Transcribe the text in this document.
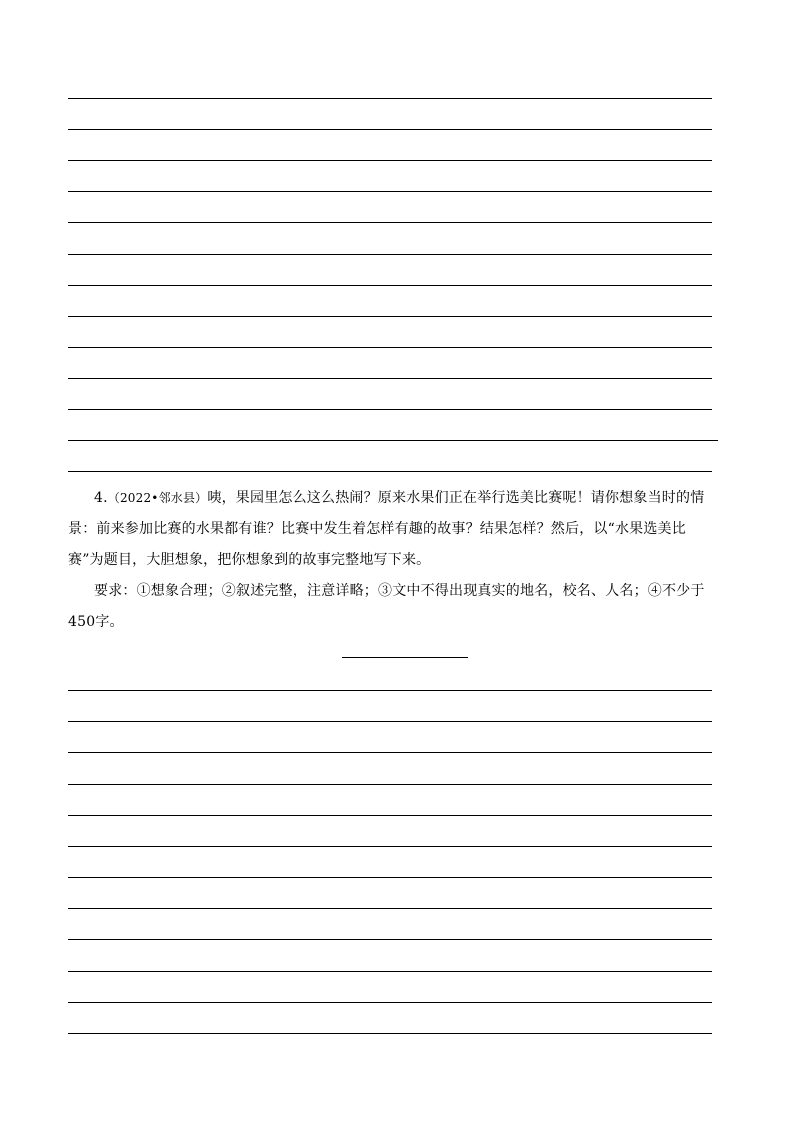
4.（2022•邻水县）咦，果园里怎么这么热闹？原来水果们正在举行选美比赛呢！请你想象当时的情景：前来参加比赛的水果都有谁？比赛中发生着怎样有趣的故事？结果怎样？然后，以“水果选美比赛”为题目，大胆想象，把你想象到的故事完整地写下来。

要求：①想象合理；②叙述完整，注意详略；③文中不得出现真实的地名，校名、人名；④不少于450字。
